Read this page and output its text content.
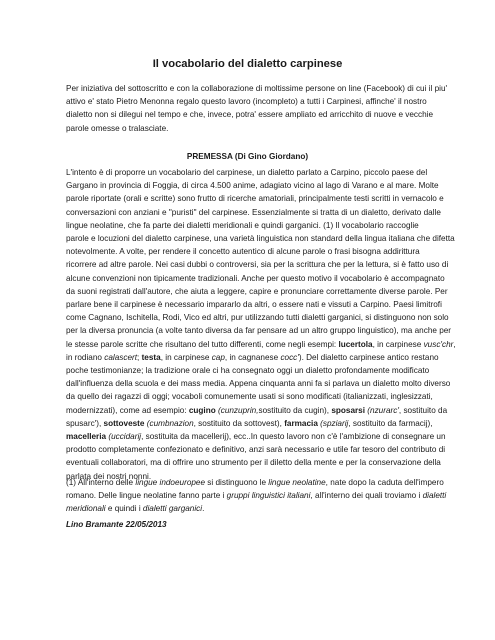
Il vocabolario del dialetto carpinese
Per iniziativa del sottoscritto e con la collaborazione di moltissime persone on line (Facebook) di cui il piu'
attivo e' stato Pietro Menonna regalo questo lavoro (incompleto) a tutti i Carpinesi, affinche' il nostro
dialetto non si dilegui nel tempo e che, invece, potra' essere ampliato ed arricchito di nuove e vecchie
parole omesse o tralasciate.
PREMESSA (Di Gino Giordano)
L'intento è di proporre un vocabolario del carpinese, un dialetto parlato a Carpino, piccolo paese del
Gargano in provincia di Foggia, di circa 4.500 anime, adagiato vicino al lago di Varano e al mare. Molte
parole riportate (orali e scritte) sono frutto di ricerche amatoriali, principalmente testi scritti in vernacolo e
conversazioni con anziani e "puristi" del carpinese. Essenzialmente si tratta di un dialetto, derivato dalle
lingue neolatine, che fa parte dei dialetti meridionali e quindi garganici. (1) Il vocabolario raccoglie
parole e locuzioni del dialetto carpinese, una varietà linguistica non standard della lingua italiana che difetta
notevolmente. A volte, per rendere il concetto autentico di alcune parole o frasi bisogna addirittura
ricorrere ad altre parole. Nei casi dubbi o controversi, sia per la scrittura che per la lettura, si è fatto uso di
alcune convenzioni non tipicamente tradizionali. Anche per questo motivo il vocabolario è accompagnato
da suoni registrati dall'autore, che aiuta a leggere, capire e pronunciare correttamente diverse parole. Per
parlare bene il carpinese è necessario impararlo da altri, o essere nati e vissuti a Carpino. Paesi limitrofi
come Cagnano, Ischitella, Rodi, Vico ed altri, pur utilizzando tutti dialetti garganici, si distinguono non solo
per la diversa pronuncia (a volte tanto diversa da far pensare ad un altro gruppo linguistico), ma anche per
le stesse parole scritte che risultano del tutto differenti, come negli esempi: lucertola, in carpinese vusc'chr,
in rodiano calascert; testa, in carpinese cap, in cagnanese cocc'). Del dialetto carpinese antico restano
poche testimonianze; la tradizione orale ci ha consegnato oggi un dialetto profondamente modificato
dall'influenza della scuola e dei mass media. Appena cinquanta anni fa si parlava un dialetto molto diverso
da quello dei ragazzi di oggi; vocaboli comunemente usati si sono modificati (italianizzati, inglesizzati,
modernizzati), come ad esempio: cugino (cunzuprin,sostituito da cugin), sposarsi (nzurarc', sostituito da
spusarc'), sottoveste (cumbnazion, sostituito da sottovest), farmacia (spziarij, sostituito da farmacij),
macelleria (uccidarij, sostituita da macellerij), ecc..In questo lavoro non c'è l'ambizione di consegnare un
prodotto completamente confezionato e definitivo, anzi sarà necessario e utile far tesoro del contributo di
eventuali collaboratori, ma di offrire uno strumento per il diletto della mente e per la conservazione della
parlata dei nostri nonni.
(1) All'interno delle lingue indoeuropee si distinguono le lingue neolatine, nate dopo la caduta dell'impero
romano. Delle lingue neolatine fanno parte i gruppi linguistici italiani, all'interno dei quali troviamo i dialetti
meridionali e quindi i dialetti garganici.
Lino Bramante 22/05/2013
